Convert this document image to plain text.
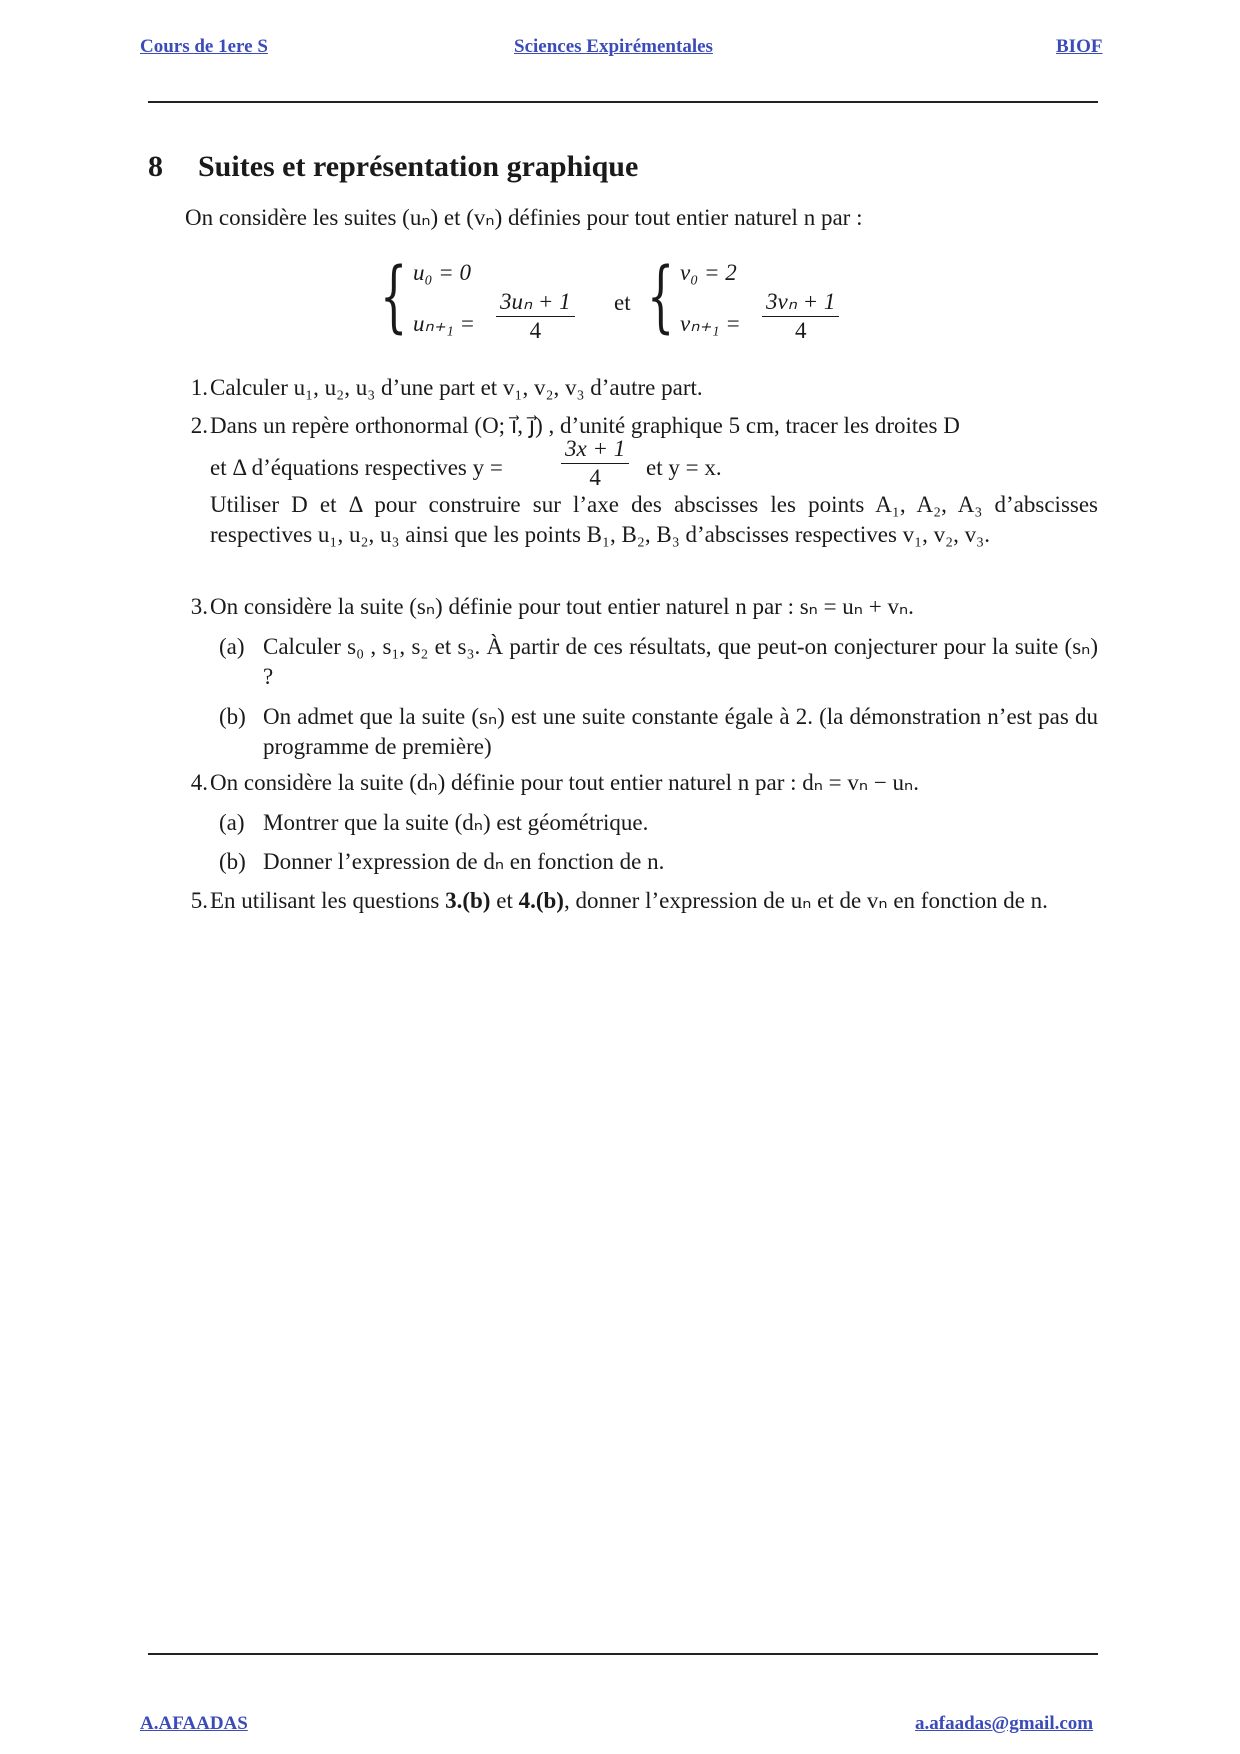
Cours de 1ere S	Sciences Expirémentales	BIOF
8 Suites et représentation graphique
On considère les suites (uₙ) et (vₙ) définies pour tout entier naturel n par :
{ u₀ = 0
$u_{n+1} = \frac{\text{3uₙ + 1}}{4}$ et { v₀ = 2
$v_{n+1} = \frac{\text{3vₙ + 1}}{4}$
1. Calculer u₁, u₂, u₃ d’une part et v₁, v₂, v₃ d’autre part.
2. Dans un repère orthonormal (O; i⃗, j⃗) , d’unité graphique 5 cm, tracer les droites D
et Δ d’équations respectives y =	$\frac{3x + 1}{4}$ et y = x.
Utiliser D et Δ pour construire sur l’axe des abscisses les points A₁, A₂, A₃ d’abscisses respectives u₁, u₂, u₃ ainsi que les points B₁, B₂, B₃ d’abscisses respectives v₁, v₂, v₃.
3. On considère la suite (sₙ) définie pour tout entier naturel n par : sₙ = uₙ + vₙ.
(a) Calculer s₀ , s₁, s₂ et s₃. À partir de ces résultats, que peut-on conjecturer pour la suite (sₙ) ?
(b) On admet que la suite (sₙ) est une suite constante égale à 2. (la démonstration n’est pas du programme de première)
4. On considère la suite (dₙ) définie pour tout entier naturel n par : dₙ = vₙ − uₙ.
(a) Montrer que la suite (dₙ) est géométrique.
(b) Donner l’expression de dₙ en fonction de n.
5. En utilisant les questions 3.(b) et 4.(b), donner l’expression de uₙ et de vₙ en fonction de n.
A.AFAADAS	a.afaadas@gmail.com
